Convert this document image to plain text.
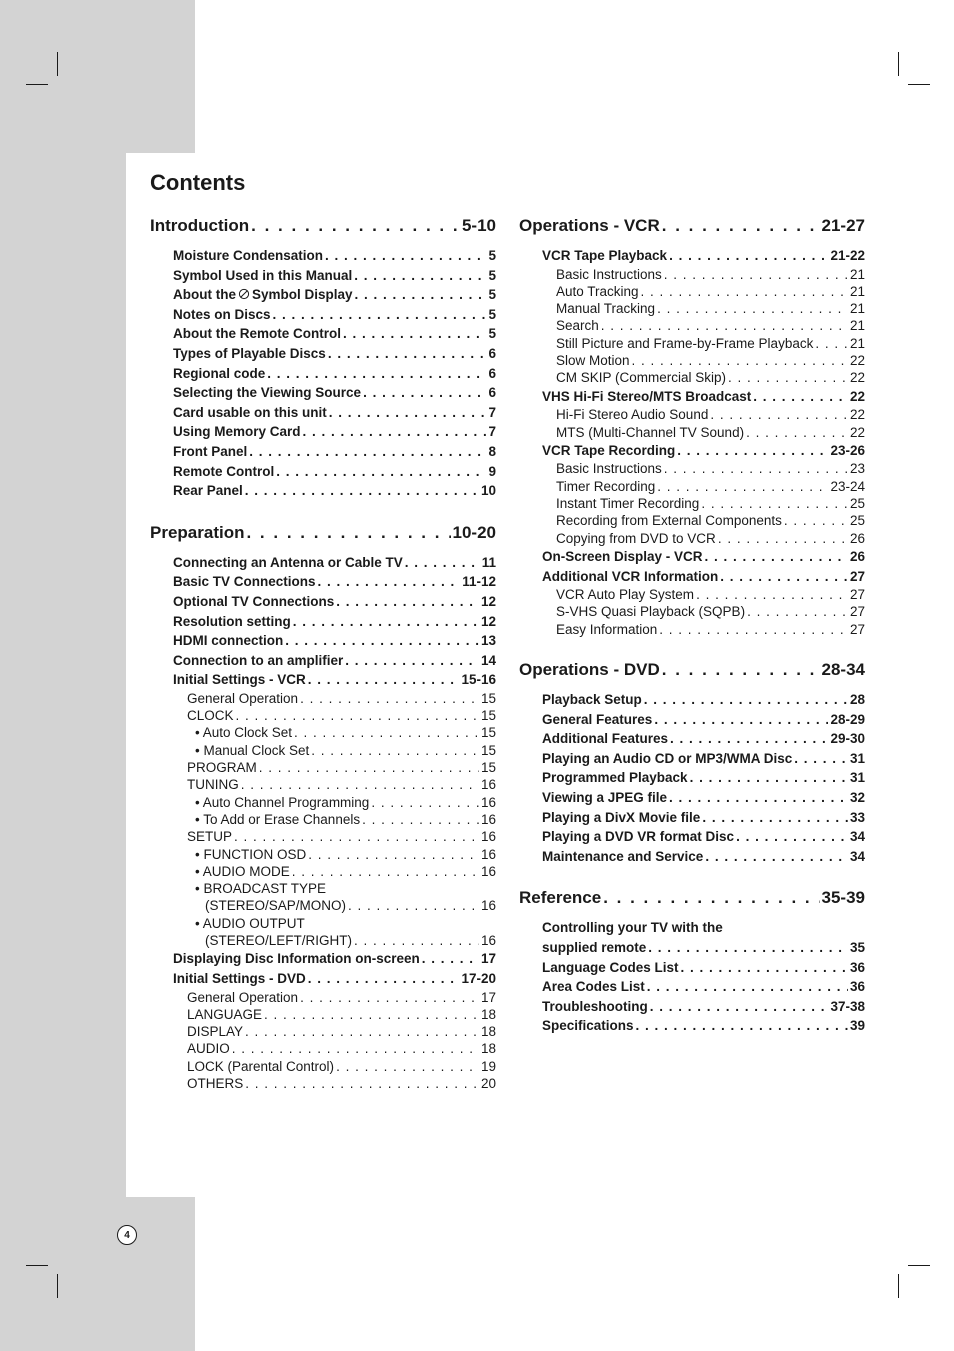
Contents
Introduction . . .	5-10
Moisture Condensation . . .	5
Symbol Used in this Manual . . .	5
About the Symbol Display . . .	5
Notes on Discs . . .	5
About the Remote Control . . .	5
Types of Playable Discs . . .	6
Regional code . . .	6
Selecting the Viewing Source . . .	6
Card usable on this unit . . .	7
Using Memory Card . . .	7
Front Panel . . .	8
Remote Control . . .	9
Rear Panel . . .	10
Preparation . . .	10-20
Connecting an Antenna or Cable TV . . .	11
Basic TV Connections . . .	11-12
Optional TV Connections . . .	12
Resolution setting . . .	12
HDMI connection . . .	13
Connection to an amplifier . . .	14
Initial Settings - VCR . . .	15-16
General Operation . . .	15
CLOCK . . .	15
• Auto Clock Set . . .	15
• Manual Clock Set . . .	15
PROGRAM . . .	15
TUNING . . .	16
• Auto Channel Programming . . .	16
• To Add or Erase Channels . . .	16
SETUP . . .	16
• FUNCTION OSD . . .	16
• AUDIO MODE . . .	16
• BROADCAST TYPE
(STEREO/SAP/MONO) . . .	16
• AUDIO OUTPUT
(STEREO/LEFT/RIGHT) . . .	16
Displaying Disc Information on-screen . . .	17
Initial Settings - DVD . . .	17-20
General Operation . . .	17
LANGUAGE . . .	18
DISPLAY . . .	18
AUDIO . . .	18
LOCK (Parental Control) . . .	19
OTHERS . . .	20
Operations - VCR . . .	21-27
VCR Tape Playback . . .	21-22
Basic Instructions . . .	21
Auto Tracking . . .	21
Manual Tracking . . .	21
Search . . .	21
Still Picture and Frame-by-Frame Playback . . .	21
Slow Motion . . .	22
CM SKIP (Commercial Skip) . . .	22
VHS Hi-Fi Stereo/MTS Broadcast . . .	22
Hi-Fi Stereo Audio Sound . . .	22
MTS (Multi-Channel TV Sound) . . .	22
VCR Tape Recording . . .	23-26
Basic Instructions . . .	23
Timer Recording . . .	23-24
Instant Timer Recording . . .	25
Recording from External Components . . .	25
Copying from DVD to VCR . . .	26
On-Screen Display - VCR . . .	26
Additional VCR Information . . .	27
VCR Auto Play System . . .	27
S-VHS Quasi Playback (SQPB) . . .	27
Easy Information . . .	27
Operations - DVD . . .	28-34
Playback Setup . . .	28
General Features . . .	28-29
Additional Features . . .	29-30
Playing an Audio CD or MP3/WMA Disc . . .	31
Programmed Playback . . .	31
Viewing a JPEG file . . .	32
Playing a DivX Movie file . . .	33
Playing a DVD VR format Disc . . .	34
Maintenance and Service . . .	34
Reference . . .	35-39
Controlling your TV with the
supplied remote . . .	35
Language Codes List . . .	36
Area Codes List . . .	36
Troubleshooting . . .	37-38
Specifications . . .	39
4
